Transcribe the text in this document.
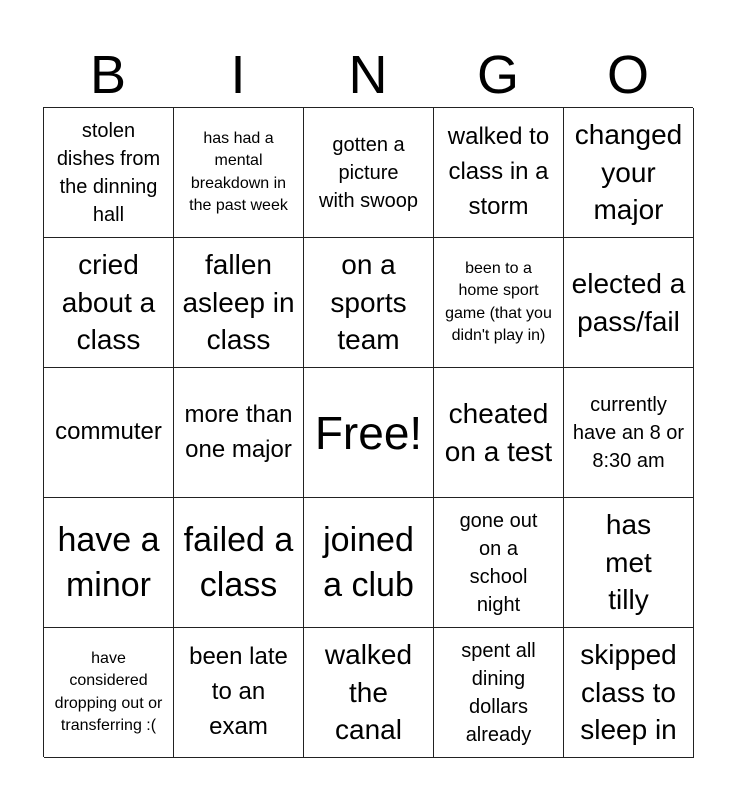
B	I	N	G	O
stolen dishes from the dinning hall
has had a mental breakdown in the past week
gotten a picture with swoop
walked to class in a storm
changed your major
cried about a class
fallen asleep in class
on a sports team
been to a home sport game (that you didn't play in)
elected a pass/fail
commuter
more than one major Free! cheated on a test
currently have an 8 or 8:30 am
have a minor
failed a class
joined a club
gone out on a school night
has met tilly
have considered dropping out or transferring :(
been late to an exam
walked the canal
spent all dining dollars already
skipped class to sleep in
